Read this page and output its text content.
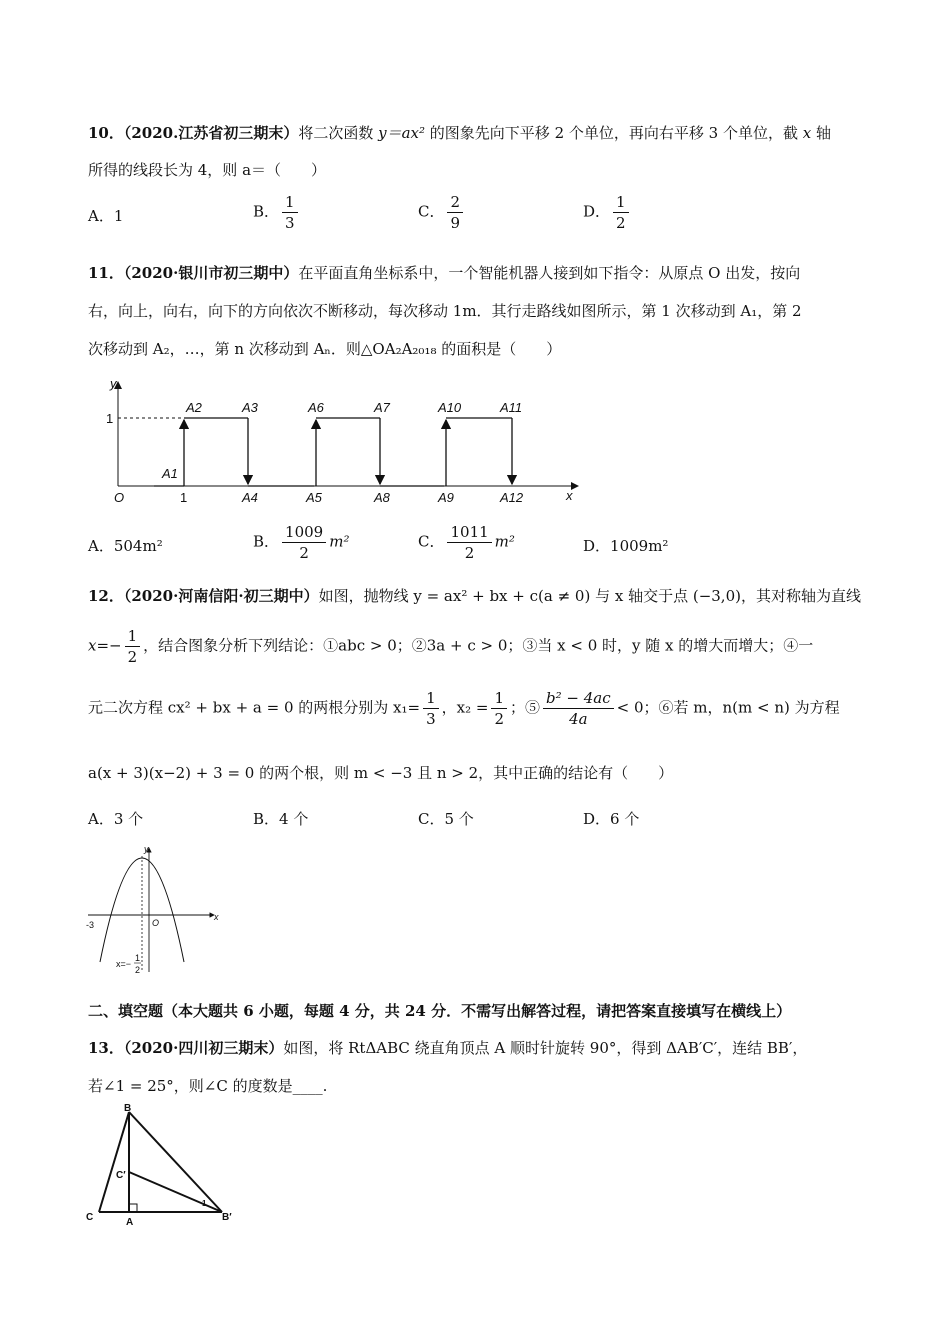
10．（2020.江苏省初三期末）将二次函数 y＝ax² 的图象先向下平移 2 个单位，再向右平移 3 个单位，截 x 轴
所得的线段长为 4，则 a＝（　　）
A．1	B． $\frac{1}{3}$	C． $\frac{2}{9}$	D． $\frac{1}{2}$
11．（2020·银川市初三期中）在平面直角坐标系中，一个智能机器人接到如下指令：从原点 O 出发，按向
右，向上，向右，向下的方向依次不断移动，每次移动 1m．其行走路线如图所示，第 1 次移动到 A₁，第 2
次移动到 A₂，…，第 n 次移动到 Aₙ．则△OA₂A₂₀₁₈ 的面积是（　　）
y
x
O
1
1
A1
A2	A3
A4	A5
A6	A7
A8	A9
A10	A11
A12
A．504m²	B． $\frac{1009}{2} m^2$	C． $\frac{1011}{2} m^2$	D．1009m²
12．（2020·河南信阳·初三期中）如图，抛物线 y = ax² + bx + c(a ≠ 0) 与 x 轴交于点 (−3,0)，其对称轴为直线
$x=- \frac{1}{2}$ ，结合图象分析下列结论：①abc > 0；②3a + c > 0；③当 x < 0 时，y 随 x 的增大而增大；④一
元二次方程 cx² + bx + a = 0 的两根分别为 $x_1= \frac{1}{3}$ ，$x_2 = \frac{1}{2}$ ；⑤ $\frac{\text{b² − 4ac}}{4a} < 0$；⑥若 m，n(m < n) 为方程
a(x + 3)(x−2) + 3 = 0 的两个根，则 m < −3 且 n > 2，其中正确的结论有（　　）
A．3 个	B．4 个	C．5 个	D．6 个
y
x
O
-3
x=−
1
2
二、填空题（本大题共 6 小题，每题 4 分，共 24 分．不需写出解答过程，请把答案直接填写在横线上）
13．（2020·四川初三期末）如图，将 RtΔABC 绕直角顶点 A 顺时针旋转 90°，得到 ΔAB′C′，连结 BB′，
若∠1 = 25°，则∠C 的度数是____.
B
C	A
C′
B′
1
